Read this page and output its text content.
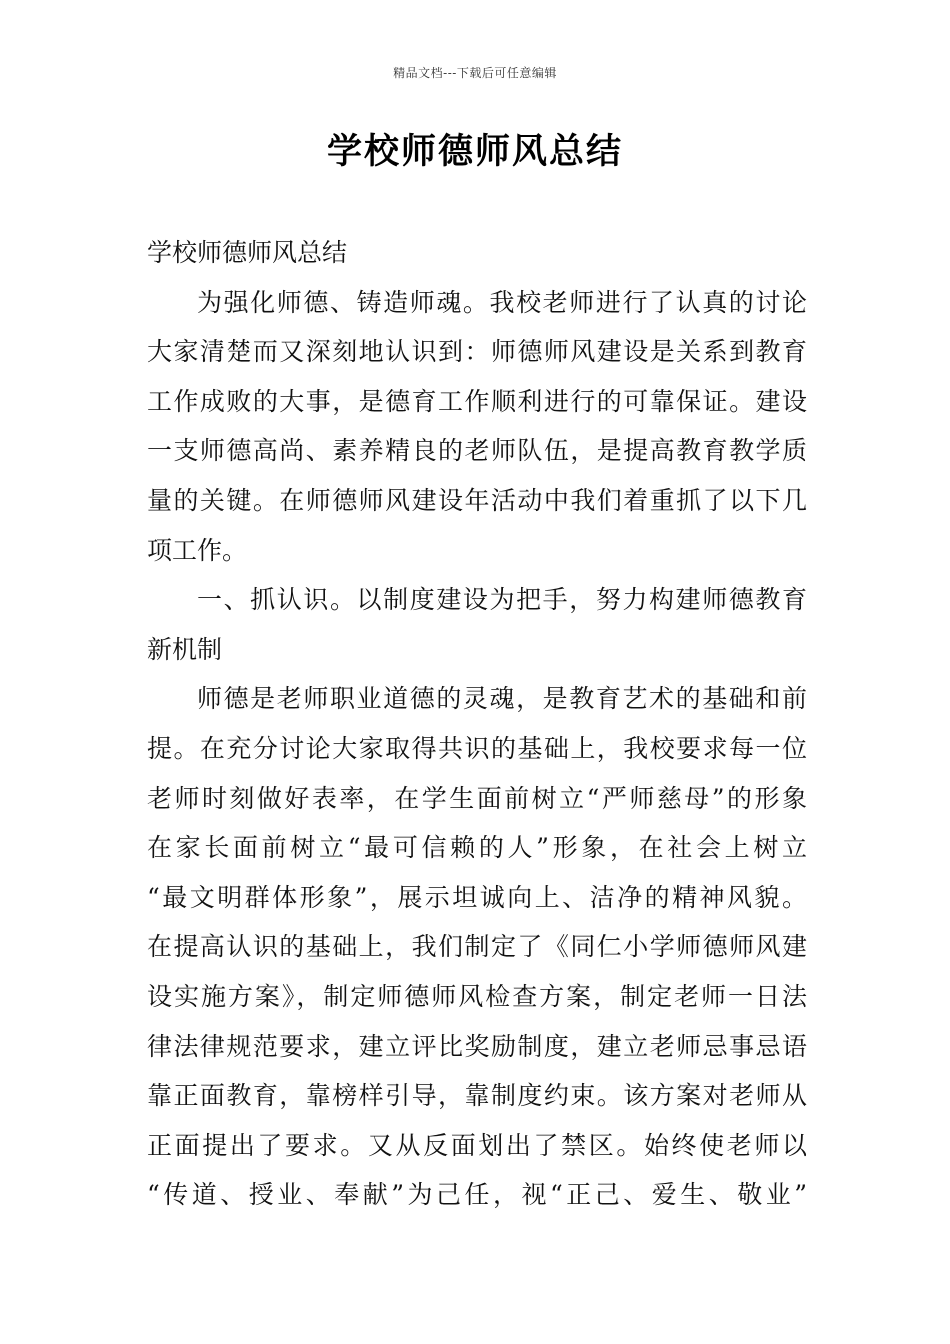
精品文档---下载后可任意编辑
学校师德师风总结
学校师德师风总结
为强化师德、铸造师魂。我校老师进行了认真的讨论
大家清楚而又深刻地认识到：师德师风建设是关系到教育
工作成败的大事，是德育工作顺利进行的可靠保证。建设
一支师德高尚、素养精良的老师队伍，是提高教育教学质
量的关键。在师德师风建设年活动中我们着重抓了以下几
项工作。
一、抓认识。以制度建设为把手，努力构建师德教育
新机制
师德是老师职业道德的灵魂，是教育艺术的基础和前
提。在充分讨论大家取得共识的基础上，我校要求每一位
老师时刻做好表率，在学生面前树立“严师慈母”的形象
在家长面前树立“最可信赖的人”形象，在社会上树立
“最文明群体形象”，展示坦诚向上、洁净的精神风貌。
在提高认识的基础上，我们制定了《同仁小学师德师风建
设实施方案》，制定师德师风检查方案，制定老师一日法
律法律规范要求，建立评比奖励制度，建立老师忌事忌语
靠正面教育，靠榜样引导，靠制度约束。该方案对老师从
正面提出了要求。又从反面划出了禁区。始终使老师以
“传道、授业、奉献”为己任，视“正己、爱生、敬业”
